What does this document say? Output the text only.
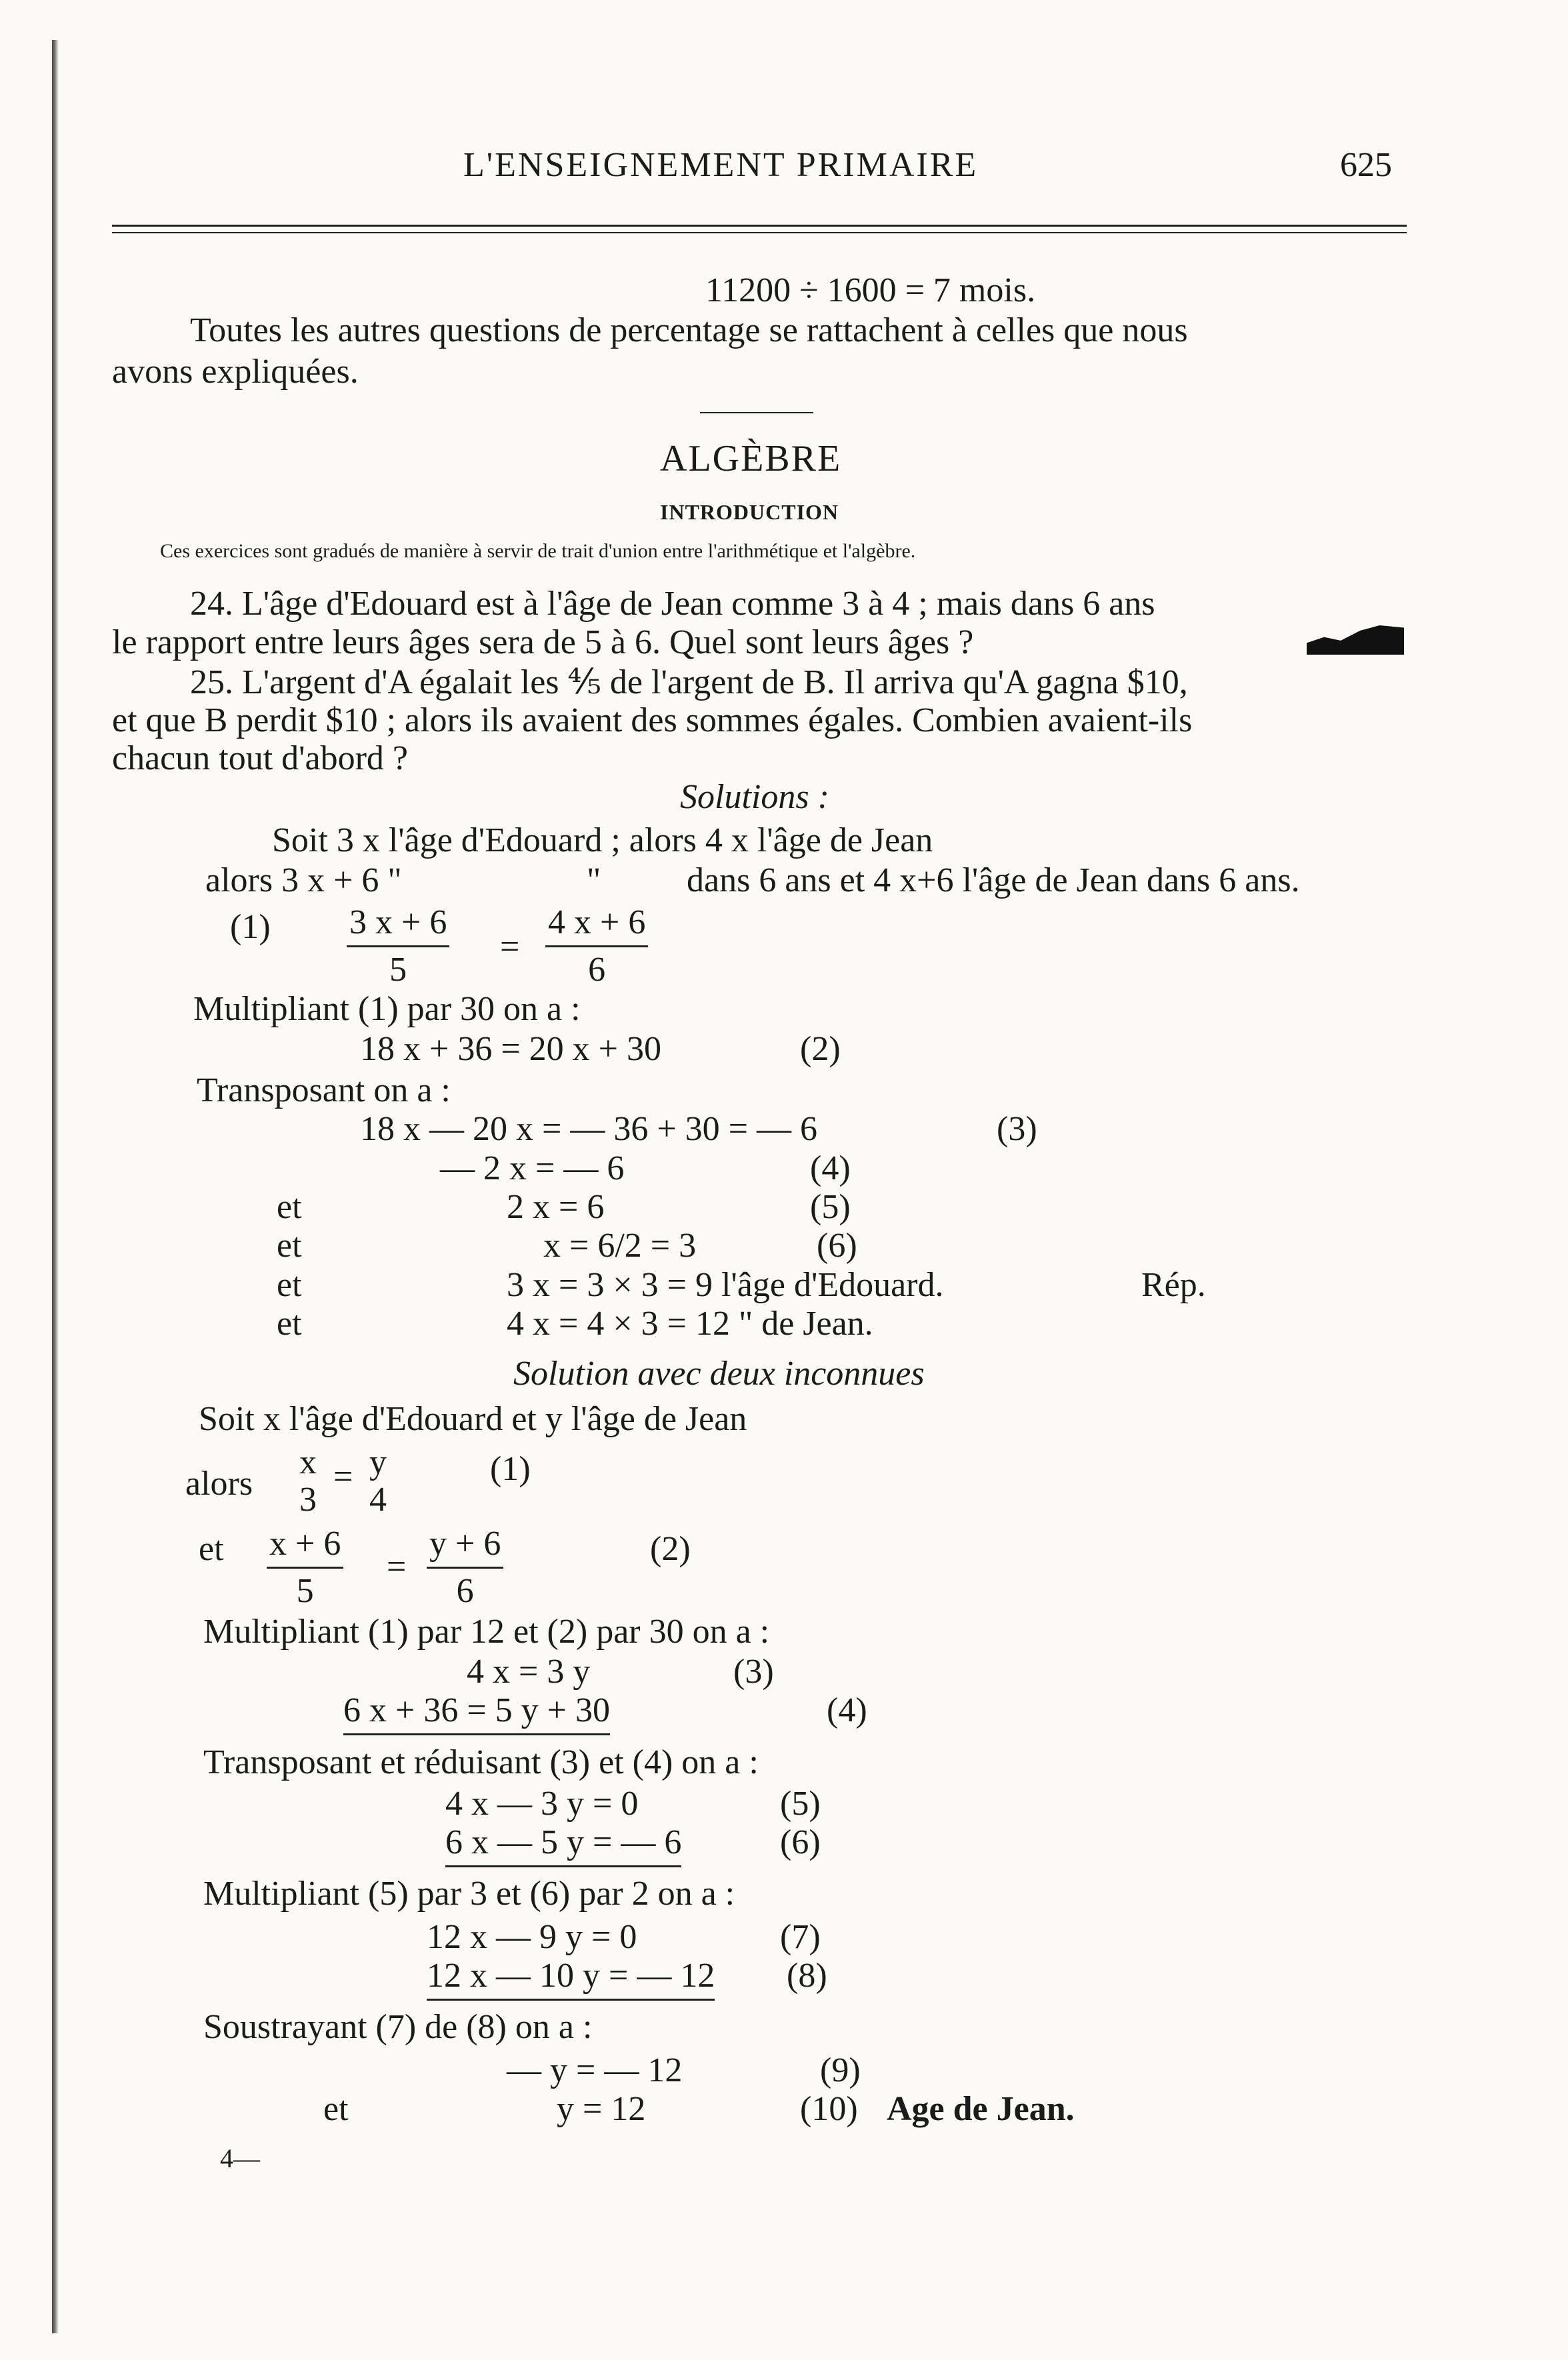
L'ENSEIGNEMENT PRIMAIRE	625
11200 ÷ 1600 = 7 mois.
Toutes les autres questions de percentage se rattachent à celles que nous
avons expliquées.
ALGÈBRE
INTRODUCTION
Ces exercices sont gradués de manière à servir de trait d'union entre l'arithmétique et l'algèbre.
24. L'âge d'Edouard est à l'âge de Jean comme 3 à 4 ; mais dans 6 ans
le rapport entre leurs âges sera de 5 à 6. Quel sont leurs âges ?
25. L'argent d'A égalait les ⅘ de l'argent de B. Il arriva qu'A gagna $10,
et que B perdit $10 ; alors ils avaient des sommes égales. Combien avaient-ils
chacun tout d'abord ?
Solutions :
Soit 3 x l'âge d'Edouard ; alors 4 x l'âge de Jean
alors 3 x + 6 "	" dans 6 ans et 4 x+6 l'âge de Jean dans 6 ans.
$(1) \frac{3 x + 6}{5} = \frac{4 x + 6}{6}$
Multipliant (1) par 30 on a :
18 x + 36 = 20 x + 30	(2)
Transposant on a :
18 x — 20 x = — 36 + 30 = — 6	(3)
— 2 x = — 6	(4)
et	2 x = 6	(5)
et	x = 6/2 = 3	(6)
et	3 x = 3 × 3 = 9 l'âge d'Edouard.	Rép.
et	4 x = 4 × 3 = 12 " de Jean.
Solution avec deux inconnues
Soit x l'âge d'Edouard et y l'âge de Jean
alors
x
3
= y
4
(1)
et $\frac{x + 6}{5} = \frac{y + 6}{6}$	(2)
Multipliant (1) par 12 et (2) par 30 on a :
4 x = 3 y	(3)
6 x + 36 = 5 y + 30	(4)
Transposant et réduisant (3) et (4) on a :
4 x — 3 y = 0	(5)
6 x — 5 y = — 6	(6)
Multipliant (5) par 3 et (6) par 2 on a :
12 x — 9 y = 0	(7)
12 x — 10 y = — 12 (8)
Soustrayant (7) de (8) on a :
— y = — 12	(9)
et	y = 12	(10) Age de Jean.
4—
